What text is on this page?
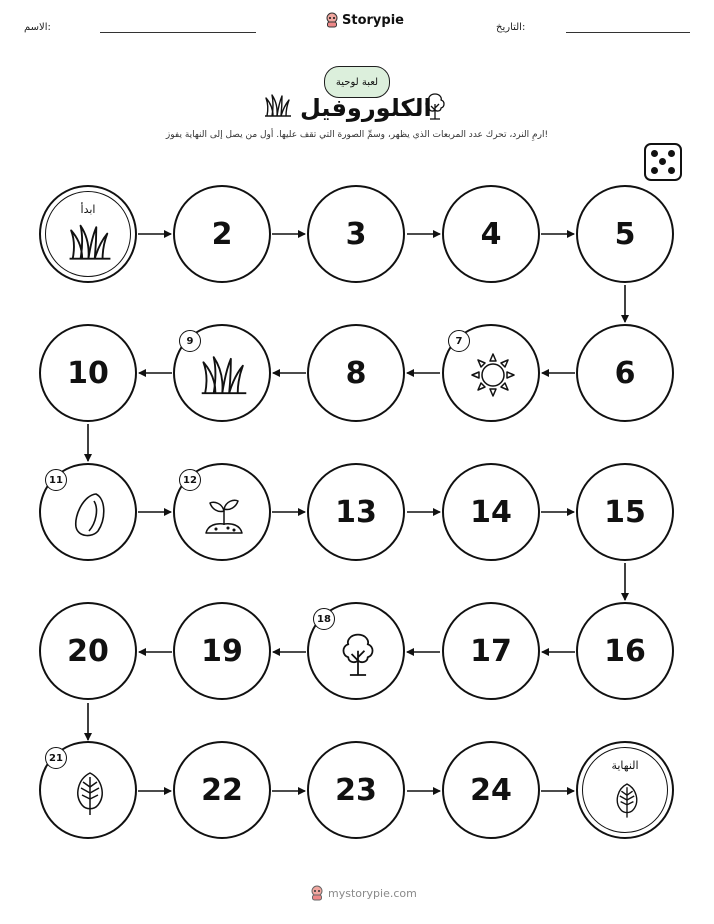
الاسم:	Storypie	التاريخ:
لعبة لوحية
الكلوروفيل
ارمِ النرد، تحرك عدد المربعات الذي يظهر، وسمِّ الصورة التي تقف عليها. أول من يصل إلى النهاية يفوز!
ابدأ
2	3	4	5
10
9
8
7
6
11	12
13	14	15
20	19
18
17	16
21
22	23	24
النهاية
mystorypie.com
